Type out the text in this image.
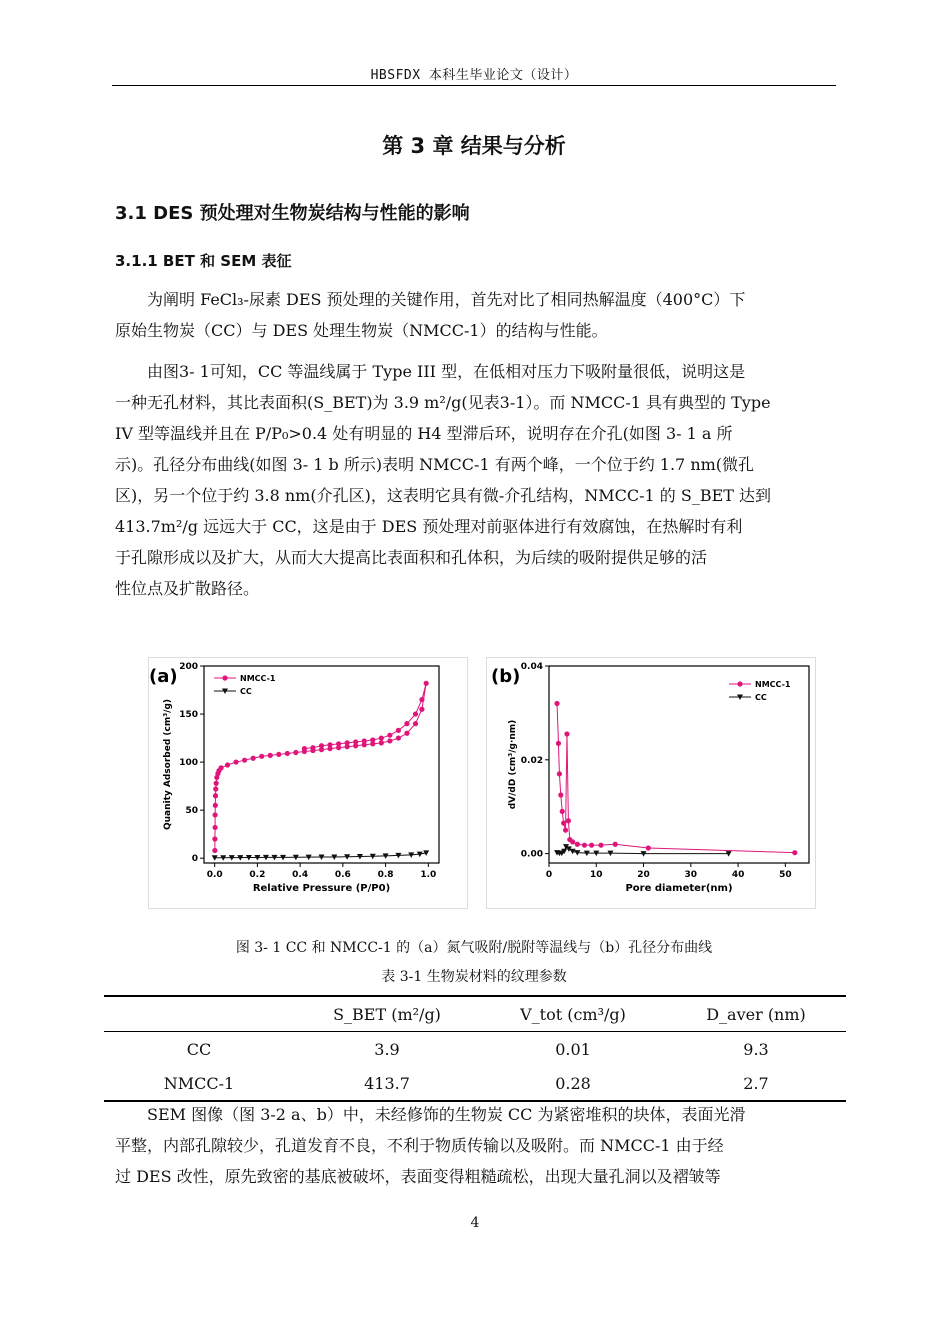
HBSFDX 本科生毕业论文（设计）
第 3 章 结果与分析
3.1 DES 预处理对生物炭结构与性能的影响
3.1.1 BET 和 SEM 表征

为阐明 FeCl₃-尿素 DES 预处理的关键作用，首先对比了相同热解温度（400°C）下

原始生物炭（CC）与 DES 处理生物炭（NMCC-1）的结构与性能。

由图3- 1可知，CC 等温线属于 Type III 型，在低相对压力下吸附量很低，说明这是

一种无孔材料，其比表面积(S_BET)为 3.9 m²/g(见表3-1）。而 NMCC-1 具有典型的 Type

IV 型等温线并且在 P/P₀>0.4 处有明显的 H4 型滞后环，说明存在介孔(如图 3- 1 a 所

示)。孔径分布曲线(如图 3- 1 b 所示)表明 NMCC-1 有两个峰，一个位于约 1.7 nm(微孔

区)，另一个位于约 3.8 nm(介孔区)，这表明它具有微-介孔结构，NMCC-1 的 S_BET 达到

413.7m²/g 远远大于 CC，这是由于 DES 预处理对前驱体进行有效腐蚀，在热解时有利

于孔隙形成以及扩大，从而大大提高比表面积和孔体积，为后续的吸附提供足够的活

性位点及扩散路径。

(a)
0.0	0.2	0.4	0.6	0.8	1.0
0
50
100
150
200
Relative Pressure (P/P0)
Quanity Adsorbed (cm³/g)
NMCC-1
CC
(b)
0	10	20	30	40	50
0.00
0.02
0.04
Pore diameter(nm)
dV/dD (cm³/g·nm)
NMCC-1
CC
图 3- 1 CC 和 NMCC-1 的（a）氮气吸附/脱附等温线与（b）孔径分布曲线
表 3-1 生物炭材料的纹理参数
	S_BET (m²/g)	V_tot (cm³/g)	D_aver (nm)
CC	3.9	0.01	9.3
NMCC-1	413.7	0.28	2.7

SEM 图像（图 3-2 a、b）中，未经修饰的生物炭 CC 为紧密堆积的块体，表面光滑

平整，内部孔隙较少，孔道发育不良，不利于物质传输以及吸附。而 NMCC-1 由于经

过 DES 改性，原先致密的基底被破坏，表面变得粗糙疏松，出现大量孔洞以及褶皱等

4
